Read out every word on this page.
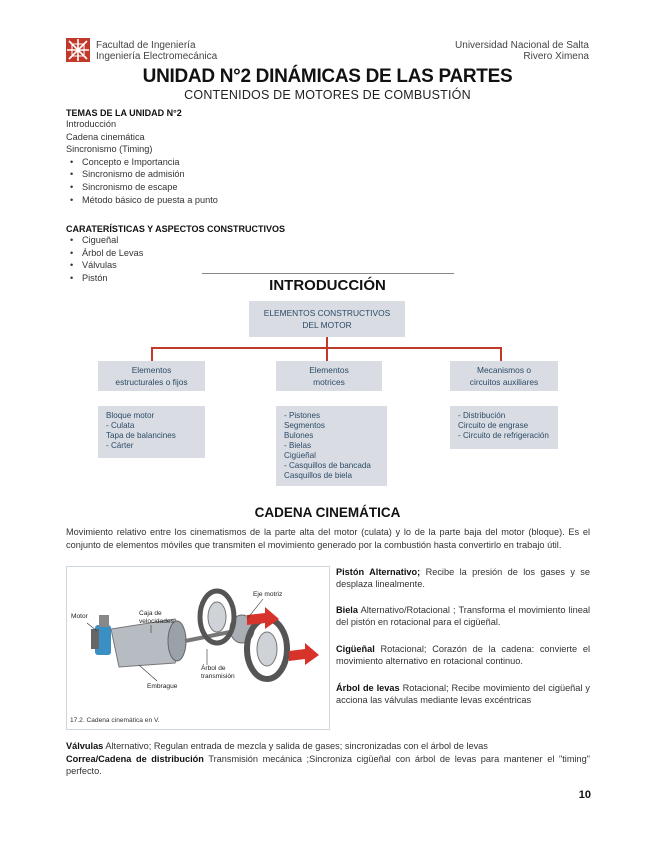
Facultad de Ingeniería
Ingeniería Electromecánica
Universidad Nacional de Salta
Rivero Ximena
UNIDAD N°2 DINÁMICAS DE LAS PARTES
CONTENIDOS DE MOTORES DE COMBUSTIÓN
TEMAS DE LA UNIDAD N°2
Introducción
Cadena cinemática
Sincronismo (Timing)
• Concepto e Importancia
• Sincronismo de admisión
• Sincronismo de escape
• Método básico de puesta a punto
CARATERÍSTICAS Y ASPECTOS CONSTRUCTIVOS
• Cigueñal
• Árbol de Levas
• Válvulas
• Pistón	INTRODUCCIÓN
ELEMENTOS CONSTRUCTIVOS
DEL MOTOR
Elementos
estructurales o fijos
Elementos
motrices
Mecanismos o
circuitos auxiliares
Bloque motor
- Culata
Tapa de balancines
- Cárter
- Pistones
Segmentos
Bulones
- Bielas
Cigüeñal
- Casquillos de bancada
Casquillos de biela
- Distribución
Circuito de engrase
- Circuito de refrigeración
CADENA CINEMÁTICA
Movimiento relativo entre los cinematismos de la parte alta del motor (culata) y lo de la parte baja del motor (bloque). Es el conjunto de elementos móviles que transmiten el movimiento generado por la combustión hasta convertirlo en trabajo útil.
Motor	Caja de
velocidades
Eje motriz
Árbol de
transmisión
Embrague
17.2. Cadena cinemática en V.
Pistón Alternativo; Recibe la presión de los gases y se desplaza linealmente.
Biela Alternativo/Rotacional ; Transforma el movimiento lineal del pistón en rotacional para el cigüeñal.
Cigüeñal Rotacional; Corazón de la cadena: convierte el movimiento alternativo en rotacional continuo.
Árbol de levas Rotacional; Recibe movimiento del cigüeñal y acciona las válvulas mediante levas excéntricas
Válvulas Alternativo; Regulan entrada de mezcla y salida de gases; sincronizadas con el árbol de levas
Correa/Cadena de distribución Transmisión mecánica ;Sincroniza cigüeñal con árbol de levas para mantener el "timing" perfecto.
10
